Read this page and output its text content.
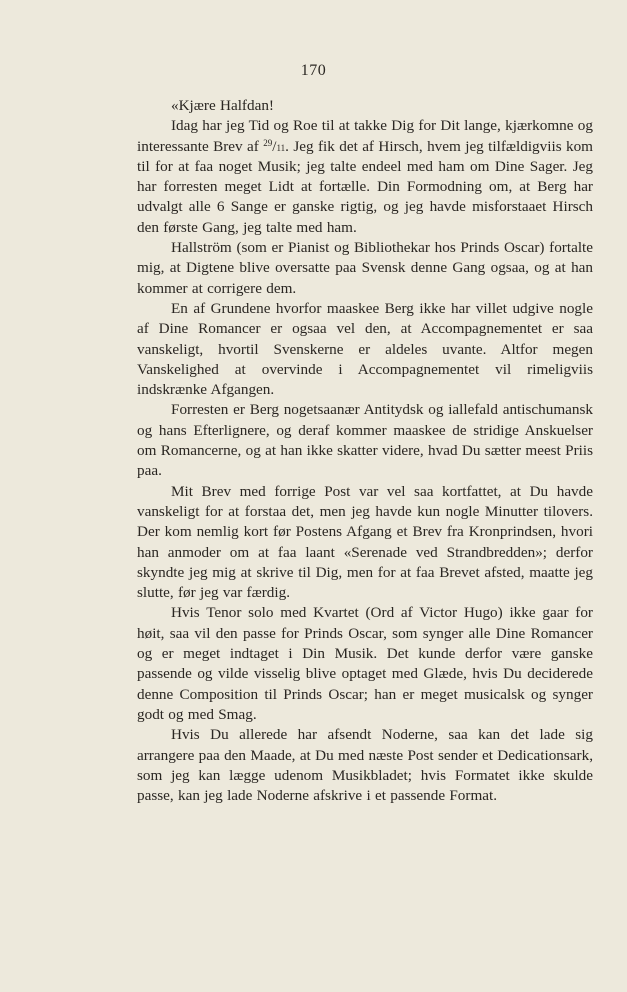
170

«Kjære Halfdan!

Idag har jeg Tid og Roe til at takke Dig for Dit lange, kjærkomne og interessante Brev af $^{29}$/11. Jeg fik det af Hirsch, hvem jeg tilfældigviis kom til for at faa noget Musik; jeg talte endeel med ham om Dine Sager. Jeg har forresten meget Lidt at fortælle. Din Formodning om, at Berg har udvalgt alle 6 Sange er ganske rigtig, og jeg havde misforstaaet Hirsch den første Gang, jeg talte med ham.

Hallström (som er Pianist og Bibliothekar hos Prinds Oscar) fortalte mig, at Digtene blive oversatte paa Svensk denne Gang ogsaa, og at han kommer at corrigere dem.

En af Grundene hvorfor maaskee Berg ikke har villet udgive nogle af Dine Romancer er ogsaa vel den, at Accompagnementet er saa vanskeligt, hvortil Svenskerne er aldeles uvante. Altfor megen Vanskelighed at overvinde i Accompagnementet vil rimeligviis indskrænke Afgangen.

Forresten er Berg nogetsaanær Antitydsk og iallefald antischumansk og hans Efterlignere, og deraf kommer maaskee de stridige Anskuelser om Romancerne, og at han ikke skatter videre, hvad Du sætter meest Priis paa.

Mit Brev med forrige Post var vel saa kortfattet, at Du havde vanskeligt for at forstaa det, men jeg havde kun nogle Minutter tilovers. Der kom nemlig kort før Postens Afgang et Brev fra Kronprindsen, hvori han anmoder om at faa laant «Serenade ved Strandbredden»; derfor skyndte jeg mig at skrive til Dig, men for at faa Brevet afsted, maatte jeg slutte, før jeg var færdig.

Hvis Tenor solo med Kvartet (Ord af Victor Hugo) ikke gaar for høit, saa vil den passe for Prinds Oscar, som synger alle Dine Romancer og er meget indtaget i Din Musik. Det kunde derfor være ganske passende og vilde visselig blive optaget med Glæde, hvis Du deciderede denne Composition til Prinds Oscar; han er meget musicalsk og synger godt og med Smag.

Hvis Du allerede har afsendt Noderne, saa kan det lade sig arrangere paa den Maade, at Du med næste Post sender et Dedicationsark, som jeg kan lægge udenom Musikbladet; hvis Formatet ikke skulde passe, kan jeg lade Noderne afskrive i et passende Format.
